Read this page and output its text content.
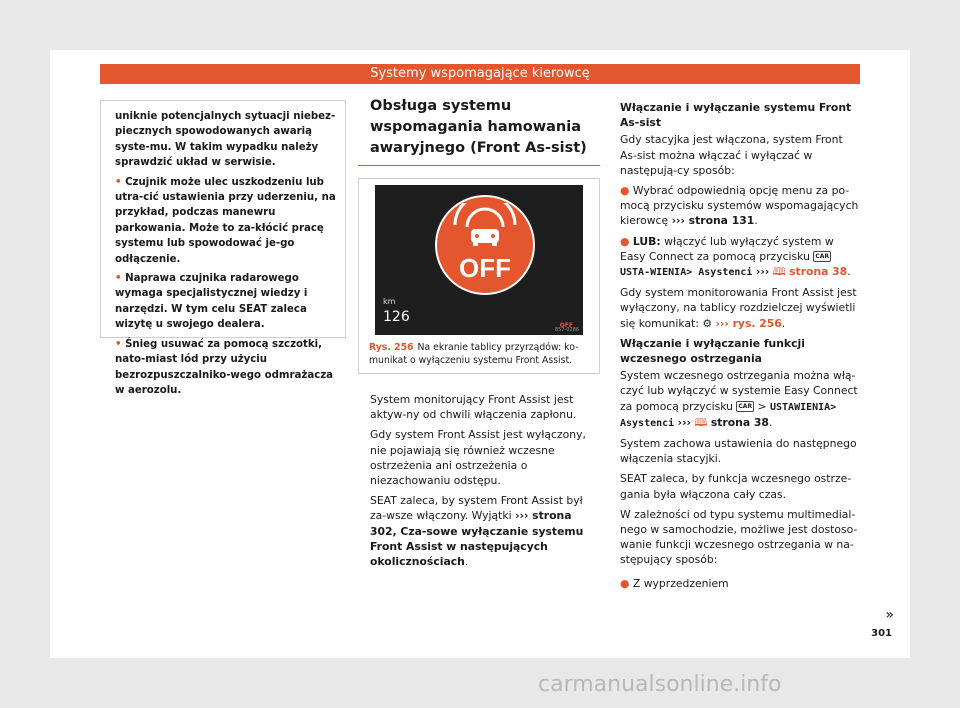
Systemy wspomagające kierowcę

uniknie potencjalnych sytuacji niebez-piecznych spowodowanych awarią syste-mu. W takim wypadku należy sprawdzić układ w serwisie.

• Czujnik może ulec uszkodzeniu lub utra-cić ustawienia przy uderzeniu, na przykład, podczas manewru parkowania. Może to za-kłócić pracę systemu lub spowodować je-go odłączenie.

• Naprawa czujnika radarowego wymaga specjalistycznej wiedzy i narzędzi. W tym celu SEAT zaleca wizytę u swojego dealera.

• Śnieg usuwać za pomocą szczotki, nato-miast lód przy użyciu bezrozpuszczalniko-wego odmrażacza w aerozolu.

Obsługa systemu wspomagania hamowania awaryjnego (Front As-sist)
OFF
km
126
OFF
857-0286
Rys. 256 Na ekranie tablicy przyrządów: ko-munikat o wyłączeniu systemu Front Assist.

System monitorujący Front Assist jest aktyw-ny od chwili włączenia zapłonu.

Gdy system Front Assist jest wyłączony, nie pojawiają się również wczesne ostrzeżenia ani ostrzeżenia o niezachowaniu odstępu.

SEAT zaleca, by system Front Assist był za-wsze włączony. Wyjątki ››› strona 302, Cza-sowe wyłączanie systemu Front Assist w następujących okolicznościach.

Włączanie i wyłączanie systemu Front As-sist

Gdy stacyjka jest włączona, system Front As-sist można włączać i wyłączać w następują-cy sposób:

● Wybrać odpowiednią opcję menu za po-mocą przycisku systemów wspomagających kierowcę ››› strona 131.

● LUB: włączyć lub wyłączyć system w Easy Connect za pomocą przycisku CAR USTA-WIENIA> Asystenci ››› 🕮 strona 38.

Gdy system monitorowania Front Assist jest wyłączony, na tablicy rozdzielczej wyświetli się komunikat: ⚙ ››› rys. 256.

Włączanie i wyłączanie funkcji wczesnego ostrzegania

System wczesnego ostrzegania można włą-czyć lub wyłączyć w systemie Easy Connect za pomocą przycisku CAR > USTAWIENIA> Asystenci ››› 🕮 strona 38.

System zachowa ustawienia do następnego włączenia stacyjki.

SEAT zaleca, by funkcja wczesnego ostrze-gania była włączona cały czas.

W zależności od typu systemu multimedial-nego w samochodzie, możliwe jest dostoso-wanie funkcji wczesnego ostrzegania w na-stępujący sposób:

● Z wyprzedzeniem

»
301
carmanualsonline.info
